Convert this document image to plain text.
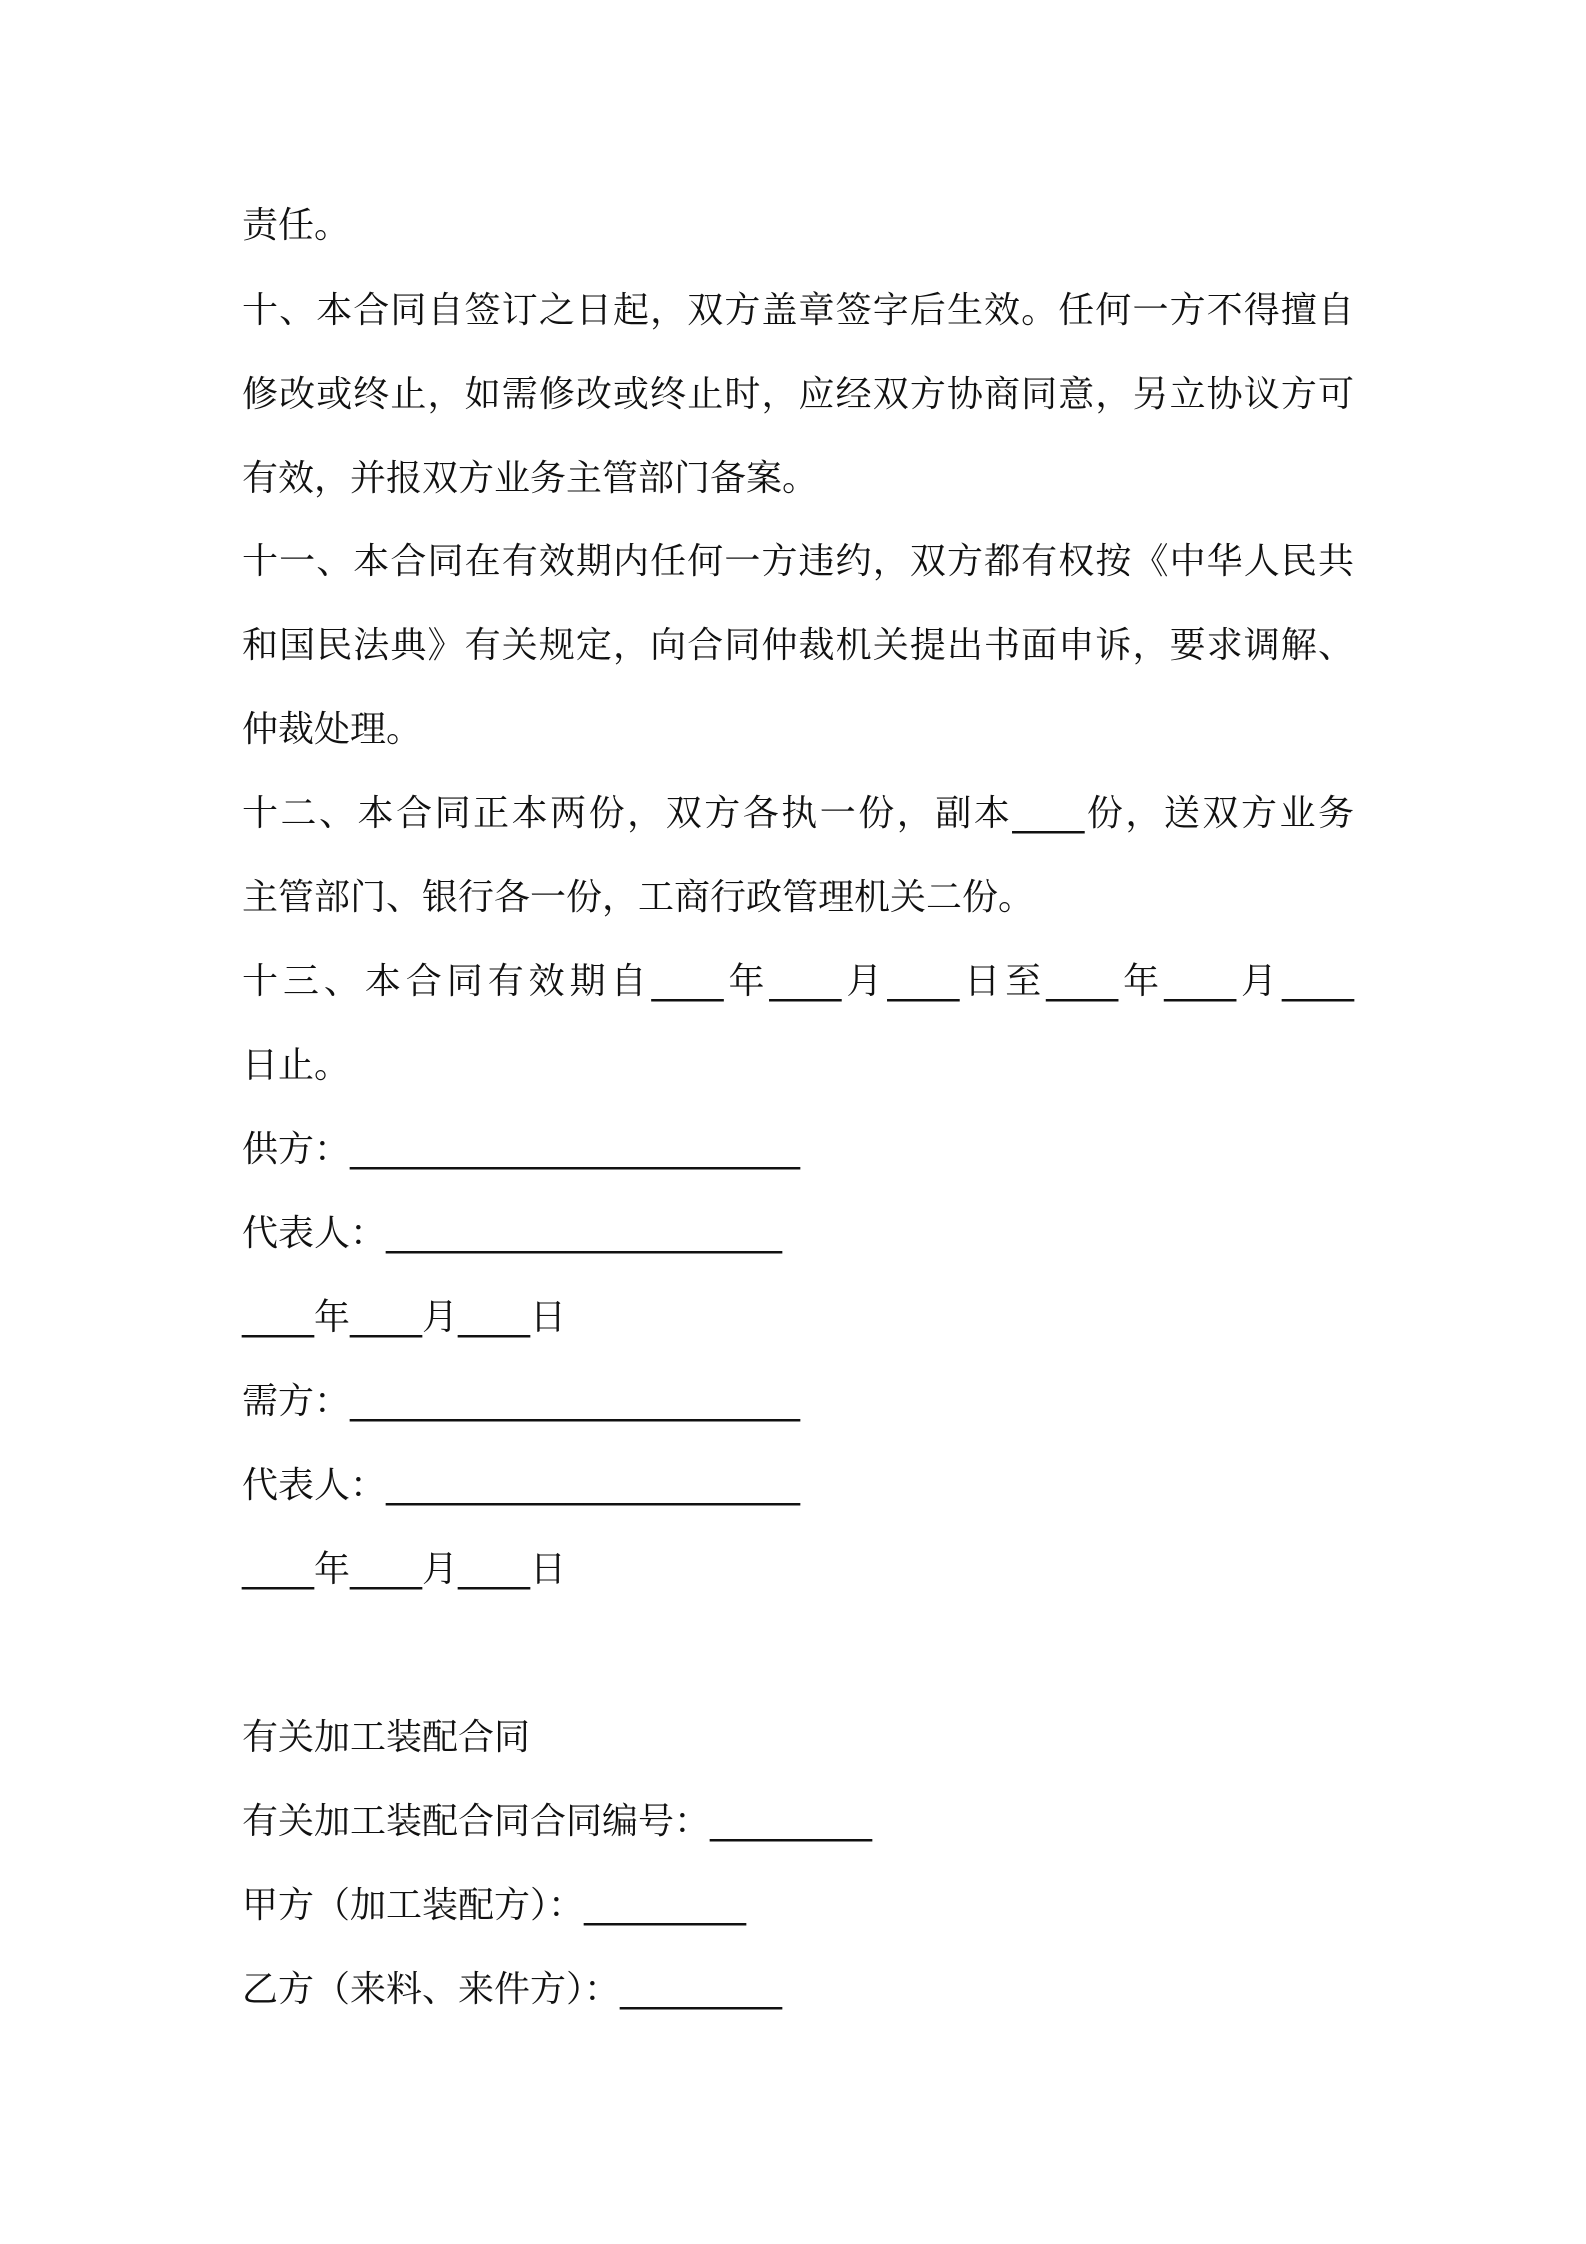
责任。

十、本合同自签订之日起，双方盖章签字后生效。任何一方不得擅自

修改或终止，如需修改或终止时，应经双方协商同意，另立协议方可

有效，并报双方业务主管部门备案。

十一、本合同在有效期内任何一方违约，双方都有权按《中华人民共

和国民法典》有关规定，向合同仲裁机关提出书面申诉，要求调解、

仲裁处理。

十二、本合同正本两份，双方各执一份，副本____份，送双方业务

主管部门、银行各一份，工商行政管理机关二份。

十三、本合同有效期自____年____月____日至____年____月____

日止。

供方：_________________________

代表人：______________________

____年____月____日

需方：_________________________

代表人：_______________________

____年____月____日

有关加工装配合同

有关加工装配合同合同编号：_________

甲方（加工装配方）：_________

乙方（来料、来件方）：_________
